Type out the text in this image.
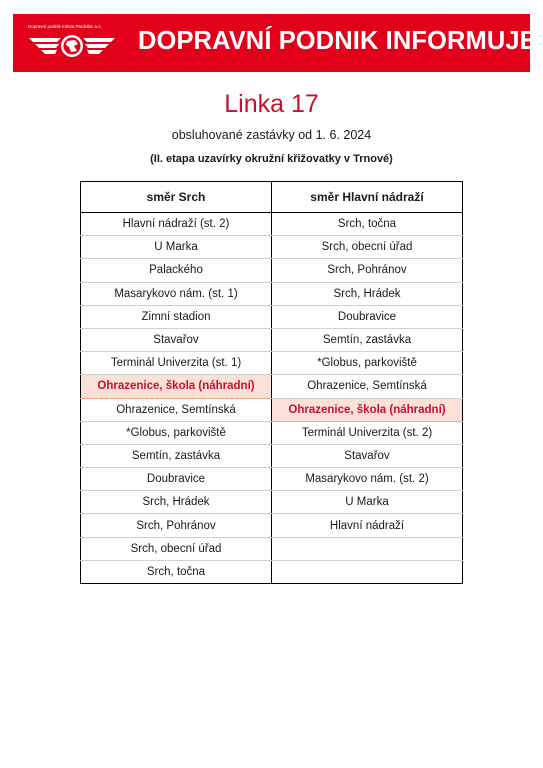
Dopravní podnik města Pardubic a.s.
DOPRAVNÍ PODNIK INFORMUJE
Linka 17
obsluhované zastávky od 1. 6. 2024
(II. etapa uzavírky okružní křižovatky v Trnové)
směr Srch	směr Hlavní nádraží
Hlavní nádraží (st. 2)	Srch, točna
U Marka	Srch, obecní úřad
Palackého	Srch, Pohránov
Masarykovo nám. (st. 1)	Srch, Hrádek
Zimní stadion	Doubravice
Stavařov	Semtín, zastávka
Terminál Univerzita (st. 1)	*Globus, parkoviště
Ohrazenice, škola (náhradní)	Ohrazenice, Semtínská
Ohrazenice, Semtínská	Ohrazenice, škola (náhradní)
*Globus, parkoviště	Terminál Univerzita (st. 2)
Semtín, zastávka	Stavařov
Doubravice	Masarykovo nám. (st. 2)
Srch, Hrádek	U Marka
Srch, Pohránov	Hlavní nádraží
Srch, obecní úřad	
Srch, točna	
